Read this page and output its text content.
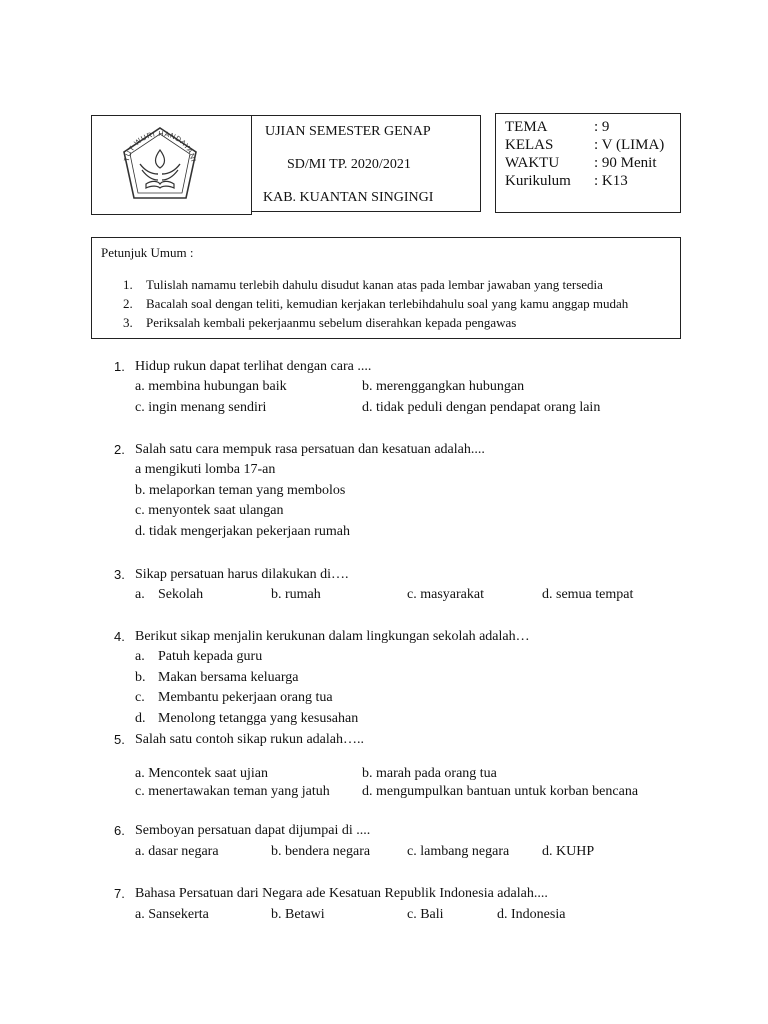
TUT WURI HANDAYANI
UJIAN SEMESTER GENAP
SD/MI TP. 2020/2021
KAB. KUANTAN SINGINGI
TEMA	: 9
KELAS	: V (LIMA)
WAKTU : 90 Menit
Kurikulum : K13
Petunjuk Umum :
1. Tulislah namamu terlebih dahulu disudut kanan atas pada lembar jawaban yang tersedia
2. Bacalah soal dengan teliti, kemudian kerjakan terlebihdahulu soal yang kamu anggap mudah
3. Periksalah kembali pekerjaanmu sebelum diserahkan kepada pengawas
1. Hidup rukun dapat terlihat dengan cara ....
a. membina hubungan baik	b. merenggangkan hubungan
c. ingin menang sendiri	d. tidak peduli dengan pendapat orang lain
2. Salah satu cara mempuk rasa persatuan dan kesatuan adalah....
a mengikuti lomba 17-an
b. melaporkan teman yang membolos
c. menyontek saat ulangan
d. tidak mengerjakan pekerjaan rumah
3. Sikap persatuan harus dilakukan di….
a. Sekolah	b. rumah	c. masyarakat	d. semua tempat
4. Berikut sikap menjalin kerukunan dalam lingkungan sekolah adalah…
a. Patuh kepada guru
b. Makan bersama keluarga
c. Membantu pekerjaan orang tua
d. Menolong tetangga yang kesusahan
5. Salah satu contoh sikap rukun adalah…..
a. Mencontek saat ujian	b. marah pada orang tua
c. menertawakan teman yang jatuh d. mengumpulkan bantuan untuk korban bencana
6. Semboyan persatuan dapat dijumpai di ....
a. dasar negara	b. bendera negara	c. lambang negara d. KUHP
7. Bahasa Persatuan dari Negara ade Kesatuan Republik Indonesia adalah....
a. Sansekerta	b. Betawi	c. Bali	d. Indonesia
